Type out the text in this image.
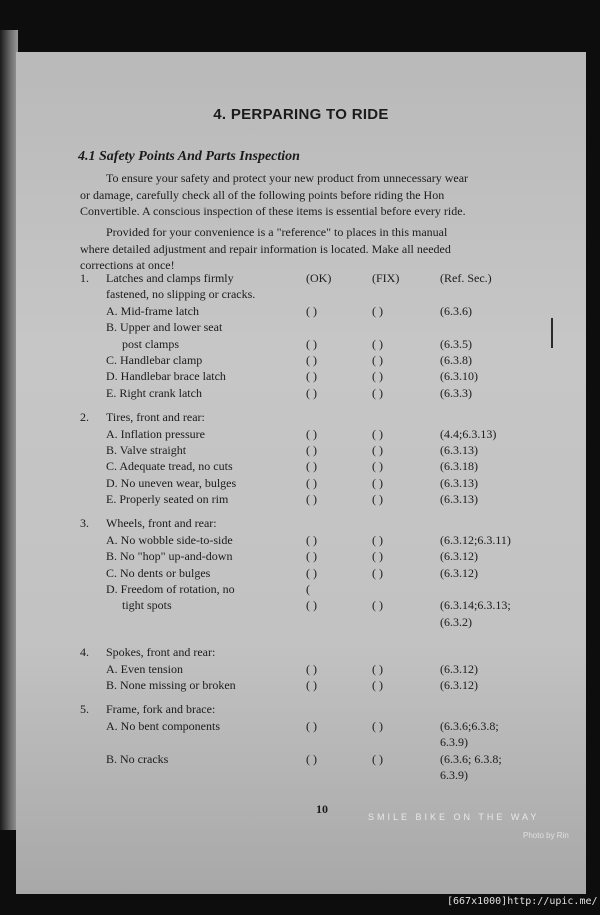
4. PERPARING TO RIDE
4.1 Safety Points And Parts Inspection
To ensure your safety and protect your new product from unnecessary wear
or damage, carefully check all of the following points before riding the Hon
Convertible. A conscious inspection of these items is essential before every ride.
Provided for your convenience is a "reference" to places in this manual
where detailed adjustment and repair information is located. Make all needed
corrections at once!
1. Latches and clamps firmly	(OK)	(FIX)	(Ref. Sec.)
fastened, no slipping or cracks.
A. Mid-frame latch	( )	( )	(6.3.6)
B. Upper and lower seat
post clamps	( )	( )	(6.3.5)
C. Handlebar clamp	( )	( )	(6.3.8)
D. Handlebar brace latch	( )	( )	(6.3.10)
E. Right crank latch	( )	( )	(6.3.3)
2. Tires, front and rear:
A. Inflation pressure	( )	( )	(4.4;6.3.13)
B. Valve straight	( )	( )	(6.3.13)
C. Adequate tread, no cuts	( )	( )	(6.3.18)
D. No uneven wear, bulges	( )	( )	(6.3.13)
E. Properly seated on rim	( )	( )	(6.3.13)
3. Wheels, front and rear:
A. No wobble side-to-side	( )	( )	(6.3.12;6.3.11)
B. No "hop" up-and-down	( )	( )	(6.3.12)
C. No dents or bulges	( )	( )	(6.3.12)
D. Freedom of rotation, no	(
tight spots	( )	( )	(6.3.14;6.3.13;
(6.3.2)
4. Spokes, front and rear:
A. Even tension	( )	( )	(6.3.12)
B. None missing or broken	( )	( )	(6.3.12)
5. Frame, fork and brace:
A. No bent components	( )	( )	(6.3.6;6.3.8;
6.3.9)
B. No cracks	( )	( )	(6.3.6; 6.3.8;
6.3.9)
10
SMILE BIKE ON THE WAY
Photo by Rin
[667x1000]http://upic.me/
